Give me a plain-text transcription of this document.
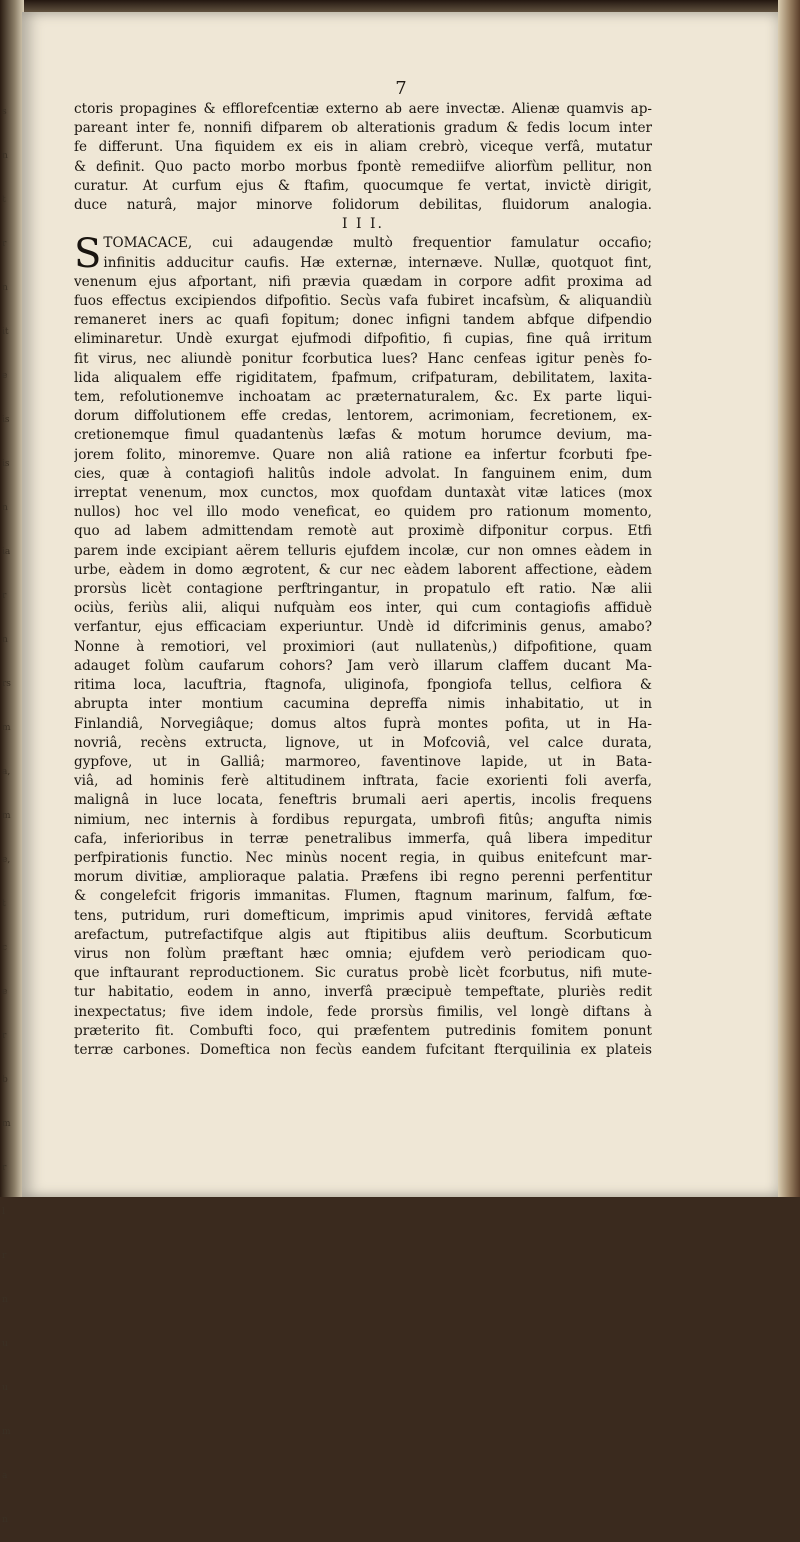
s
n
t
r
n
it
e
is
is
n
ia
r
n
rs
m
a,
m
e,
t
c
e
r
b
m
r
l
r
n
u
u
m
a
n
7
ctoris propagines & efflorefcentiæ externo ab aere invectæ. Alienæ quamvis ap-
pareant inter fe, nonnifi difparem ob alterationis gradum & fedis locum inter
fe differunt. Una fiquidem ex eis in aliam crebrò, viceque verfâ, mutatur
& definit. Quo pacto morbo morbus fpontè remediifve aliorfùm pellitur, non
curatur. At curfum ejus & ftafim, quocumque fe vertat, invictè dirigit,
duce naturâ, major minorve folidorum debilitas, fluidorum analogia.
I I I.
S TOMACACE, cui adaugendæ multò frequentior famulatur occafio;
infinitis adducitur caufis. Hæ externæ, internæve. Nullæ, quotquot fint,
venenum ejus afportant, nifi prævia quædam in corpore adfit proxima ad
fuos effectus excipiendos difpofitio. Secùs vafa fubiret incafsùm, & aliquandiù
remaneret iners ac quafi fopitum; donec infigni tandem abfque difpendio
eliminaretur. Undè exurgat ejufmodi difpofitio, fi cupias, fine quâ irritum
fit virus, nec aliundè ponitur fcorbutica lues? Hanc cenfeas igitur penès fo-
lida aliqualem effe rigiditatem, fpafmum, crifpaturam, debilitatem, laxita-
tem, refolutionemve inchoatam ac præternaturalem, &c. Ex parte liqui-
dorum diffolutionem effe credas, lentorem, acrimoniam, fecretionem, ex-
cretionemque fimul quadantenùs læfas & motum horumce devium, ma-
jorem folito, minoremve. Quare non aliâ ratione ea infertur fcorbuti fpe-
cies, quæ à contagiofi halitûs indole advolat. In fanguinem enim, dum
irreptat venenum, mox cunctos, mox quofdam duntaxàt vitæ latices (mox
nullos) hoc vel illo modo veneficat, eo quidem pro rationum momento,
quo ad labem admittendam remotè aut proximè difponitur corpus. Etfi
parem inde excipiant aërem telluris ejufdem incolæ, cur non omnes eàdem in
urbe, eàdem in domo ægrotent, & cur nec eàdem laborent affectione, eàdem
prorsùs licèt contagione perftringantur, in propatulo eft ratio. Næ alii
ociùs, feriùs alii, aliqui nufquàm eos inter, qui cum contagiofis affiduè
verfantur, ejus efficaciam experiuntur. Undè id difcriminis genus, amabo?
Nonne à remotiori, vel proximiori (aut nullatenùs,) difpofitione, quam
adauget folùm caufarum cohors? Jam verò illarum claffem ducant Ma-
ritima loca, lacuftria, ftagnofa, uliginofa, fpongiofa tellus, celfiora &
abrupta inter montium cacumina depreffa nimis inhabitatio, ut in
Finlandiâ, Norvegiâque; domus altos fuprà montes pofita, ut in Ha-
novriâ, recèns extructa, lignove, ut in Mofcoviâ, vel calce durata,
gypfove, ut in Galliâ; marmoreo, faventinove lapide, ut in Bata-
viâ, ad hominis ferè altitudinem inftrata, facie exorienti foli averfa,
malignâ in luce locata, feneftris brumali aeri apertis, incolis frequens
nimium, nec internis à fordibus repurgata, umbrofi fitûs; angufta nimis
cafa, inferioribus in terræ penetralibus immerfa, quâ libera impeditur
perfpirationis functio. Nec minùs nocent regia, in quibus enitefcunt mar-
morum divitiæ, amplioraque palatia. Præfens ibi regno perenni perfentitur
& congelefcit frigoris immanitas. Flumen, ftagnum marinum, falfum, fœ-
tens, putridum, ruri domefticum, imprimis apud vinitores, fervidâ æftate
arefactum, putrefactifque algis aut ftipitibus aliis deuftum. Scorbuticum
virus non folùm præftant hæc omnia; ejufdem verò periodicam quo-
que inftaurant reproductionem. Sic curatus probè licèt fcorbutus, nifi mute-
tur habitatio, eodem in anno, inverfâ præcipuè tempeftate, pluriès redit
inexpectatus; five idem indole, fede prorsùs fimilis, vel longè diftans à
præterito fit. Combufti foco, qui præfentem putredinis fomitem ponunt
terræ carbones. Domeftica non fecùs eandem fufcitant fterquilinia ex plateis
